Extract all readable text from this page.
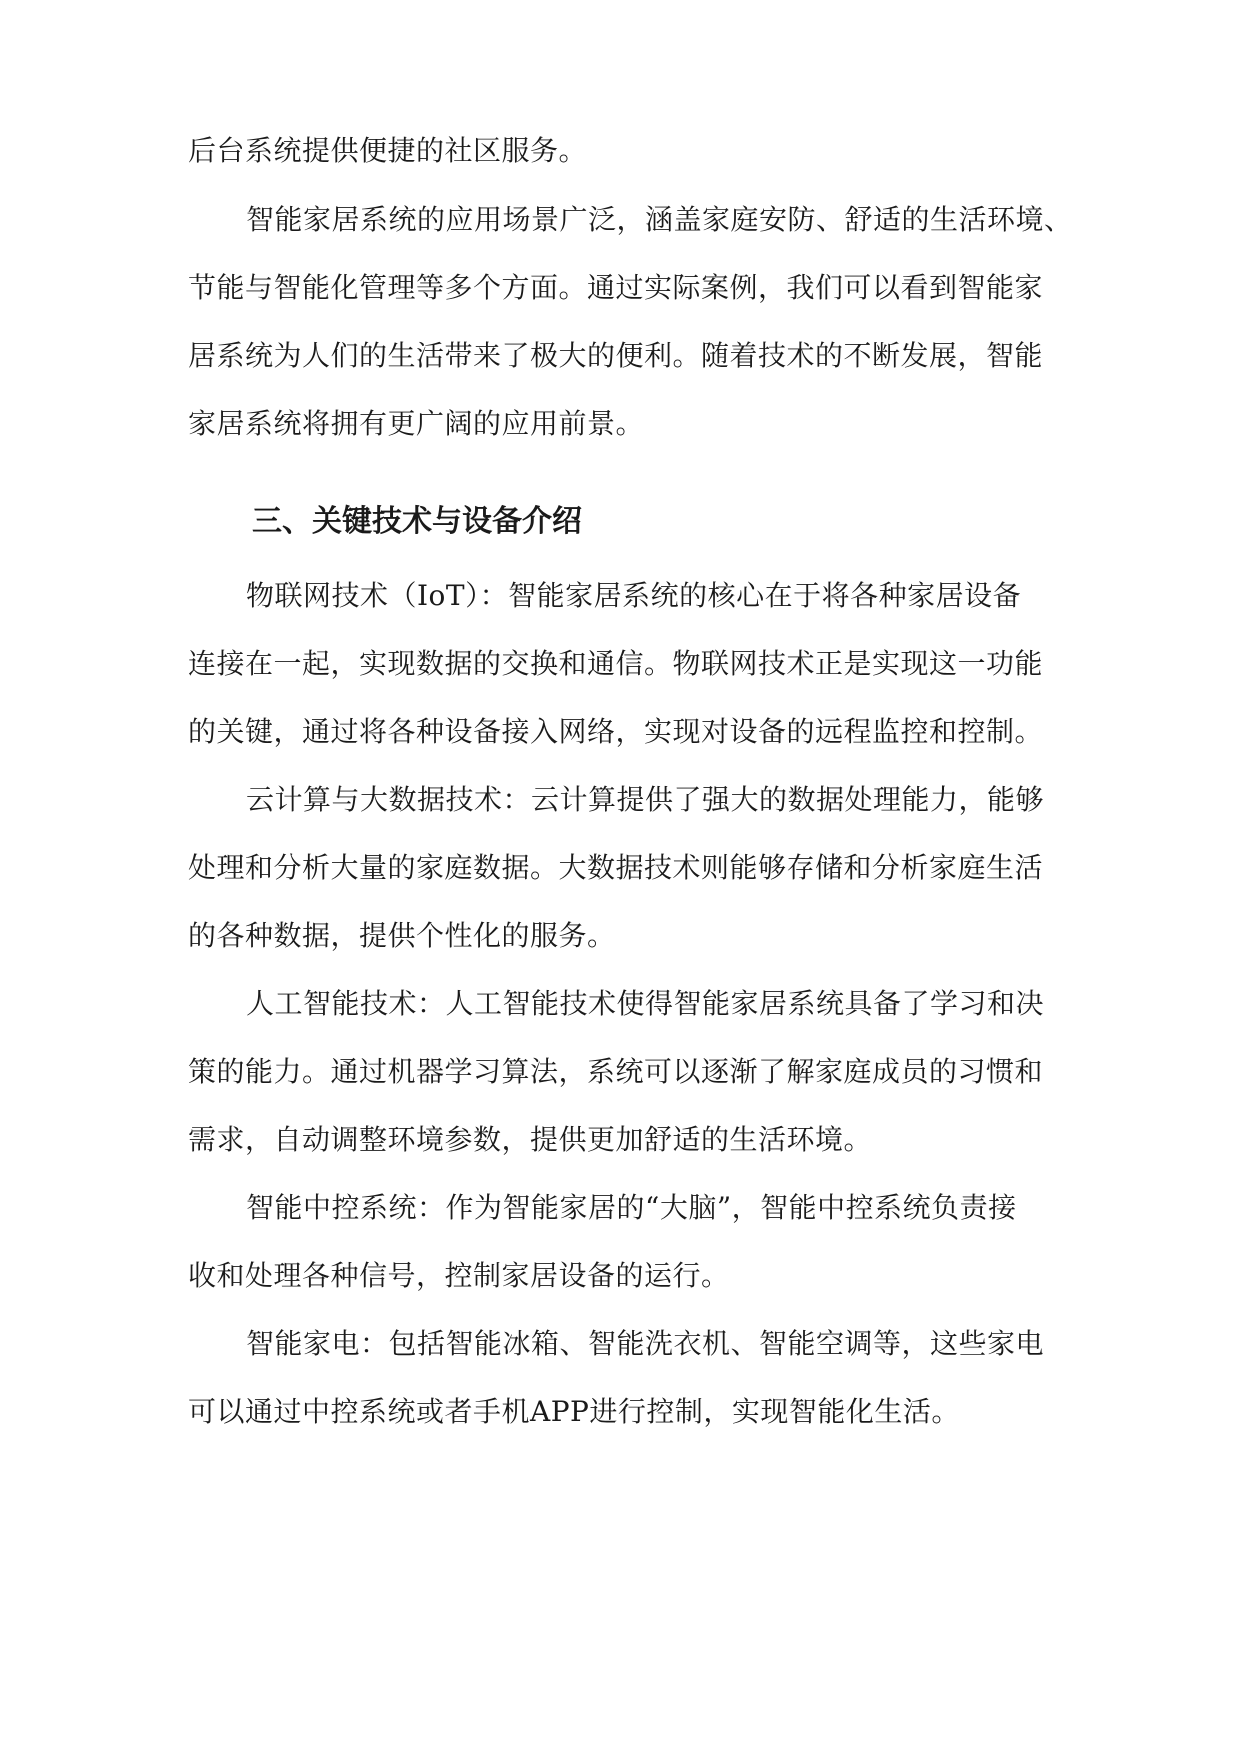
后台系统提供便捷的社区服务。
智能家居系统的应用场景广泛，涵盖家庭安防、舒适的生活环境、
节能与智能化管理等多个方面。通过实际案例，我们可以看到智能家
居系统为人们的生活带来了极大的便利。随着技术的不断发展，智能
家居系统将拥有更广阔的应用前景。
三、关键技术与设备介绍
物联网技术（IoT）：智能家居系统的核心在于将各种家居设备
连接在一起，实现数据的交换和通信。物联网技术正是实现这一功能
的关键，通过将各种设备接入网络，实现对设备的远程监控和控制。
云计算与大数据技术：云计算提供了强大的数据处理能力，能够
处理和分析大量的家庭数据。大数据技术则能够存储和分析家庭生活
的各种数据，提供个性化的服务。
人工智能技术：人工智能技术使得智能家居系统具备了学习和决
策的能力。通过机器学习算法，系统可以逐渐了解家庭成员的习惯和
需求，自动调整环境参数，提供更加舒适的生活环境。
智能中控系统：作为智能家居的“大脑”，智能中控系统负责接
收和处理各种信号，控制家居设备的运行。
智能家电：包括智能冰箱、智能洗衣机、智能空调等，这些家电
可以通过中控系统或者手机APP进行控制，实现智能化生活。
